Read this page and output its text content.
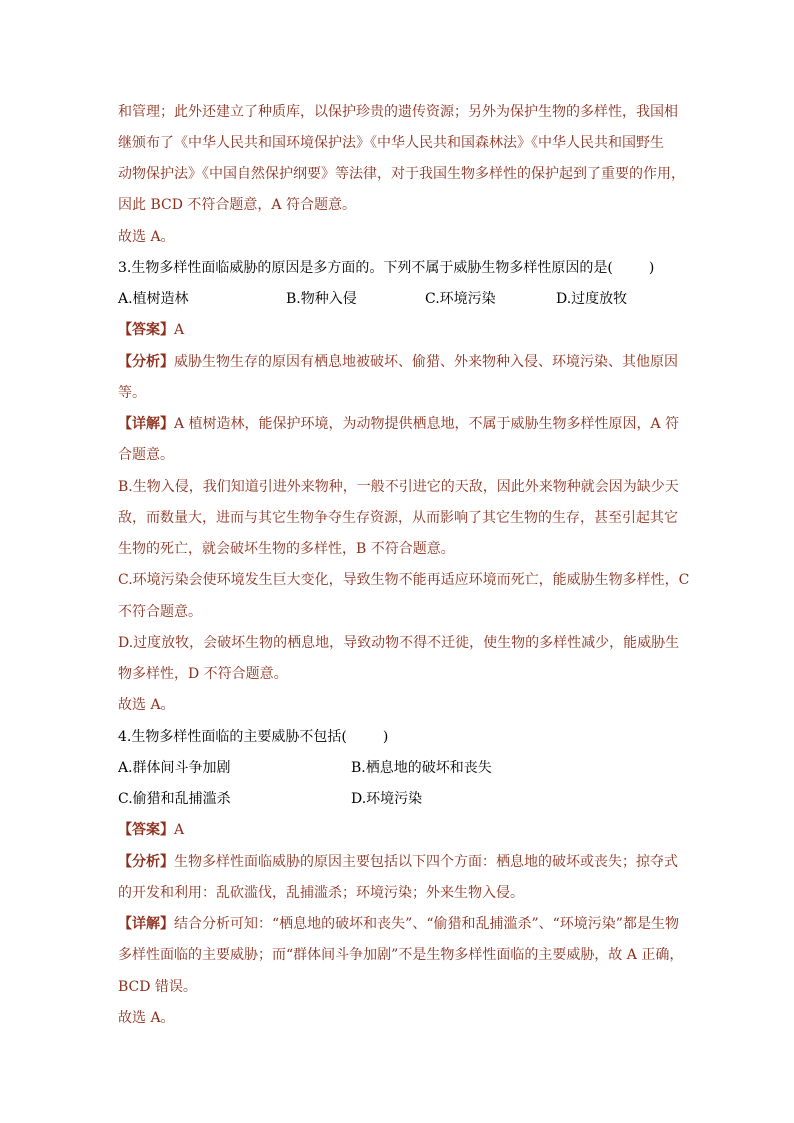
和管理；此外还建立了种质库，以保护珍贵的遗传资源；另外为保护生物的多样性，我国相
继颁布了《中华人民共和国环境保护法》《中华人民共和国森林法》《中华人民共和国野生
动物保护法》《中国自然保护纲要》等法律，对于我国生物多样性的保护起到了重要的作用，
因此 BCD 不符合题意，A 符合题意。
故选 A。
3.生物多样性面临威胁的原因是多方面的。下列不属于威胁生物多样性原因的是(	)
A.植树造林	B.物种入侵	C.环境污染	D.过度放牧
【答案】A
【分析】威胁生物生存的原因有栖息地被破坏、偷猎、外来物种入侵、环境污染、其他原因
等。
【详解】A 植树造林，能保护环境，为动物提供栖息地，不属于威胁生物多样性原因，A 符
合题意。
B.生物入侵，我们知道引进外来物种，一般不引进它的天敌，因此外来物种就会因为缺少天
敌，而数量大，进而与其它生物争夺生存资源，从而影响了其它生物的生存，甚至引起其它
生物的死亡，就会破坏生物的多样性，B 不符合题意。
C.环境污染会使环境发生巨大变化，导致生物不能再适应环境而死亡，能威胁生物多样性，C
不符合题意。
D.过度放牧，会破坏生物的栖息地，导致动物不得不迁徙，使生物的多样性减少，能威胁生
物多样性，D 不符合题意。
故选 A。
4.生物多样性面临的主要威胁不包括(	)
A.群体间斗争加剧	B.栖息地的破坏和丧失
C.偷猎和乱捕滥杀	D.环境污染
【答案】A
【分析】生物多样性面临威胁的原因主要包括以下四个方面：栖息地的破坏或丧失；掠夺式
的开发和利用：乱砍滥伐，乱捕滥杀；环境污染；外来生物入侵。
【详解】结合分析可知：“栖息地的破坏和丧失”、“偷猎和乱捕滥杀”、“环境污染”都是生物
多样性面临的主要威胁；而“群体间斗争加剧”不是生物多样性面临的主要威胁，故 A 正确，
BCD 错误。
故选 A。
